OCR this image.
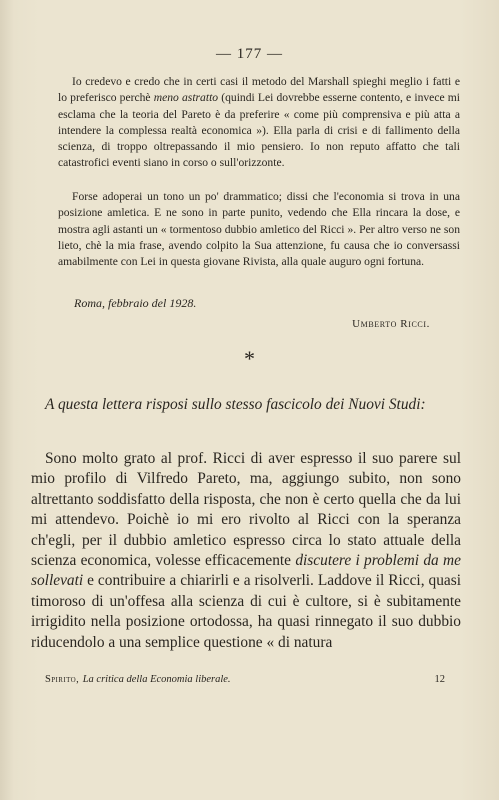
— 177 —

Io credevo e credo che in certi casi il metodo del Marshall spieghi meglio i fatti e lo preferisco perchè meno astratto (quindi Lei dovrebbe esserne contento, e invece mi esclama che la teoria del Pareto è da preferire « come più comprensiva e più atta a intendere la complessa realtà economica »). Ella parla di crisi e di fallimento della scienza, di troppo oltrepassando il mio pensiero. Io non reputo affatto che tali catastrofici eventi siano in corso o sull'orizzonte.

Forse adoperai un tono un po' drammatico; dissi che l'economia si trova in una posizione amletica. E ne sono in parte punito, vedendo che Ella rincara la dose, e mostra agli astanti un « tormentoso dubbio amletico del Ricci ». Per altro verso ne son lieto, chè la mia frase, avendo colpito la Sua attenzione, fu causa che io conversassi amabilmente con Lei in questa giovane Rivista, alla quale auguro ogni fortuna.

Roma, febbraio del 1928.
Umberto Ricci.
*

A questa lettera risposi sullo stesso fascicolo dei Nuovi Studi:

Sono molto grato al prof. Ricci di aver espresso il suo parere sul mio profilo di Vilfredo Pareto, ma, aggiungo subito, non sono altrettanto soddisfatto della risposta, che non è certo quella che da lui mi attendevo. Poichè io mi ero rivolto al Ricci con la speranza ch'egli, per il dubbio amletico espresso circa lo stato attuale della scienza economica, volesse efficacemente discutere i problemi da me sollevati e contribuire a chiarirli e a risolverli. Laddove il Ricci, quasi timoroso di un'offesa alla scienza di cui è cultore, si è subitamente irrigidito nella posizione ortodossa, ha quasi rinnegato il suo dubbio riducendolo a una semplice questione « di natura

Spirito, La critica della Economia liberale.	12
